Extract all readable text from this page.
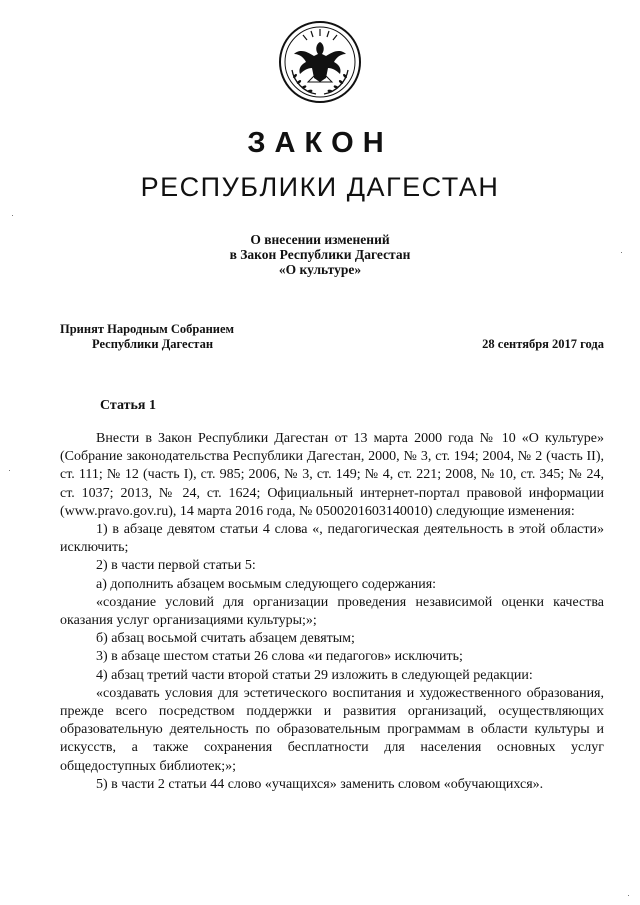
ЗАКОН
РЕСПУБЛИКИ ДАГЕСТАН
О внесении изменений
в Закон Республики Дагестан
«О культуре»
Принят Народным Собранием
Республики Дагестан	28 сентября 2017 года
Статья 1

Внести в Закон Республики Дагестан от 13 марта 2000 года № 10 «О культуре» (Собрание законодательства Республики Дагестан, 2000, № 3, ст. 194; 2004, № 2 (часть II), ст. 111; № 12 (часть I), ст. 985; 2006, № 3, ст. 149; № 4, ст. 221; 2008, № 10, ст. 345; № 24, ст. 1037; 2013, № 24, ст. 1624; Официальный интернет-портал правовой информации (www.pravo.gov.ru), 14 марта 2016 года, № 0500201603140010) следующие изменения:

1) в абзаце девятом статьи 4 слова «, педагогическая деятельность в этой области» исключить;

2) в части первой статьи 5:

а) дополнить абзацем восьмым следующего содержания:

«создание условий для организации проведения независимой оценки качества оказания услуг организациями культуры;»;

б) абзац восьмой считать абзацем девятым;

3) в абзаце шестом статьи 26 слова «и педагогов» исключить;

4) абзац третий части второй статьи 29 изложить в следующей редакции:

«создавать условия для эстетического воспитания и художественного образования, прежде всего посредством поддержки и развития организаций, осуществляющих образовательную деятельность по образовательным программам в области культуры и искусств, а также сохранения бесплатности для населения основных услуг общедоступных библиотек;»;

5) в части 2 статьи 44 слово «учащихся» заменить словом «обучающихся».
